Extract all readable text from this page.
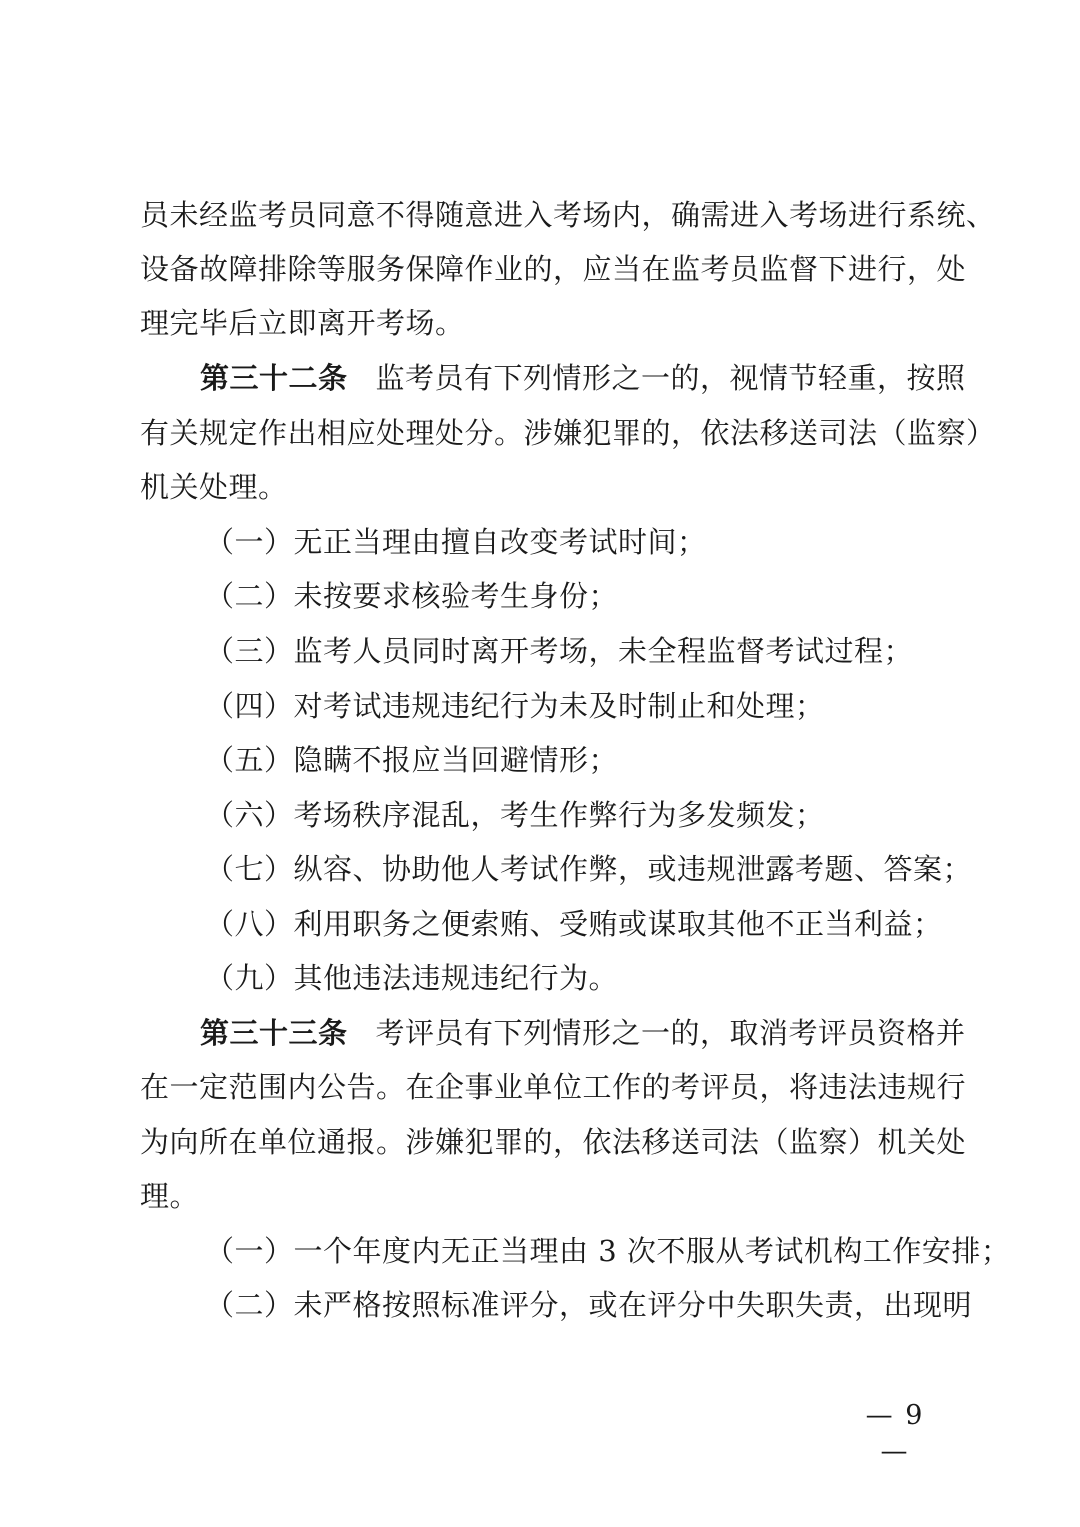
员未经监考员同意不得随意进入考场内，确需进入考场进行系统、
设备故障排除等服务保障作业的，应当在监考员监督下进行，处
理完毕后立即离开考场。
第三十二条 监考员有下列情形之一的，视情节轻重，按照
有关规定作出相应处理处分。涉嫌犯罪的，依法移送司法（监察）
机关处理。
（一）无正当理由擅自改变考试时间；
（二）未按要求核验考生身份；
（三）监考人员同时离开考场，未全程监督考试过程；
（四）对考试违规违纪行为未及时制止和处理；
（五）隐瞒不报应当回避情形；
（六）考场秩序混乱，考生作弊行为多发频发；
（七）纵容、协助他人考试作弊，或违规泄露考题、答案；
（八）利用职务之便索贿、受贿或谋取其他不正当利益；
（九）其他违法违规违纪行为。
第三十三条 考评员有下列情形之一的，取消考评员资格并
在一定范围内公告。在企事业单位工作的考评员，将违法违规行
为向所在单位通报。涉嫌犯罪的，依法移送司法（监察）机关处
理。
（一）一个年度内无正当理由 3 次不服从考试机构工作安排；
（二）未严格按照标准评分，或在评分中失职失责，出现明
— 9 —
